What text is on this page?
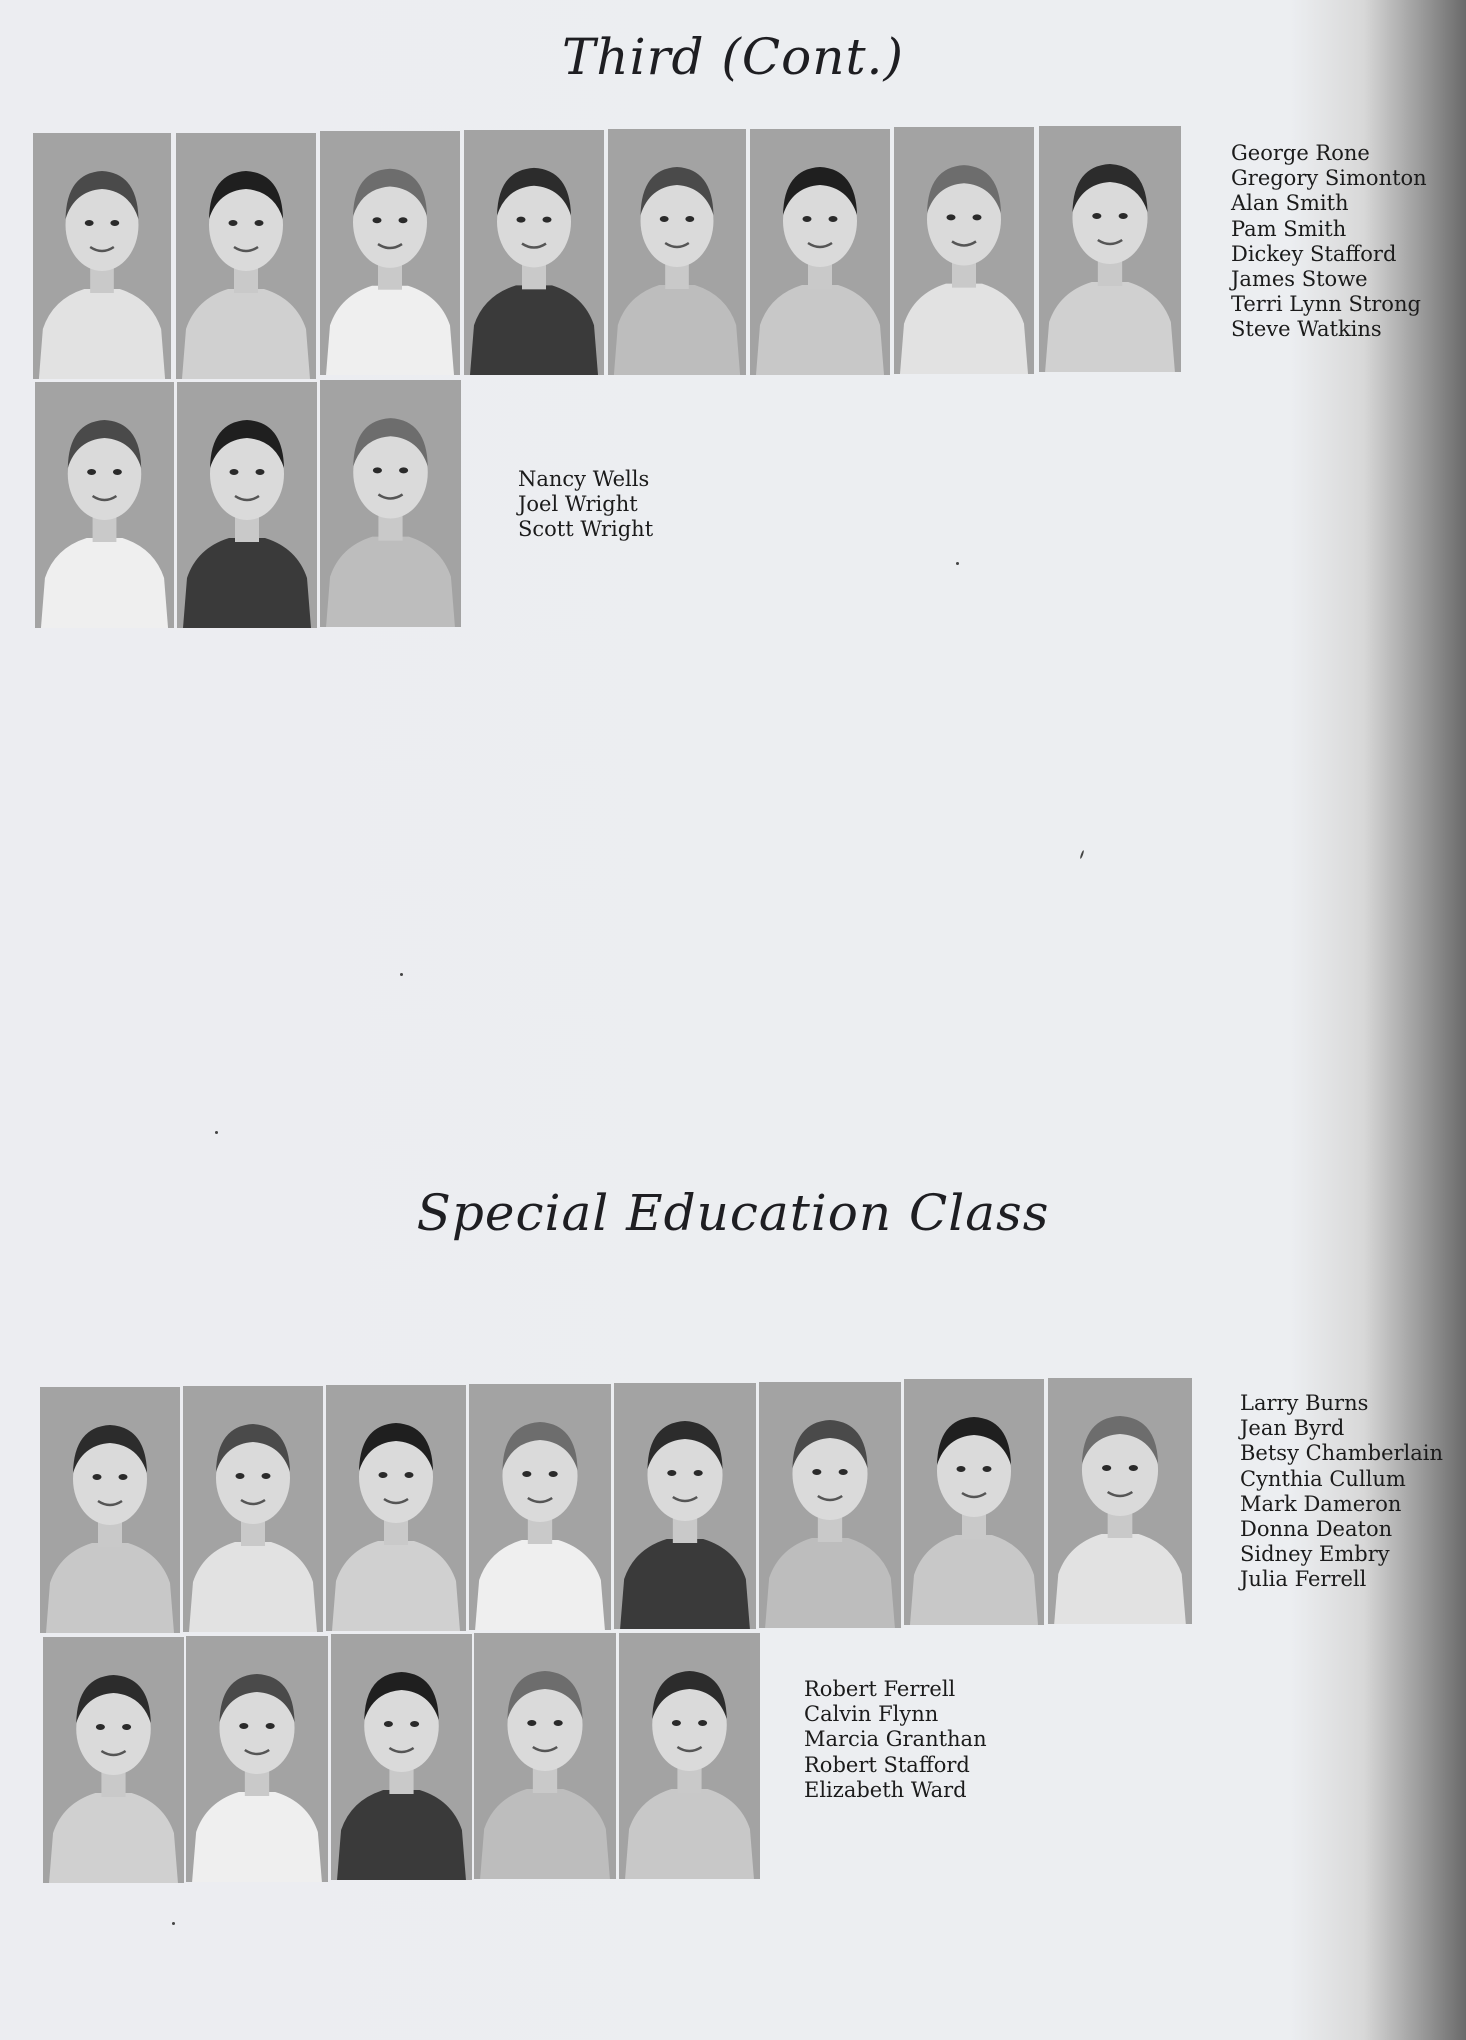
Third (Cont.)
George Rone
Gregory Simonton
Alan Smith
Pam Smith
Dickey Stafford
James Stowe
Terri Lynn Strong
Steve Watkins
Nancy Wells
Joel Wright
Scott Wright
Special Education Class
Larry Burns
Jean Byrd
Betsy Chamberlain
Cynthia Cullum
Mark Dameron
Donna Deaton
Sidney Embry
Julia Ferrell
Robert Ferrell
Calvin Flynn
Marcia Granthan
Robert Stafford
Elizabeth Ward
